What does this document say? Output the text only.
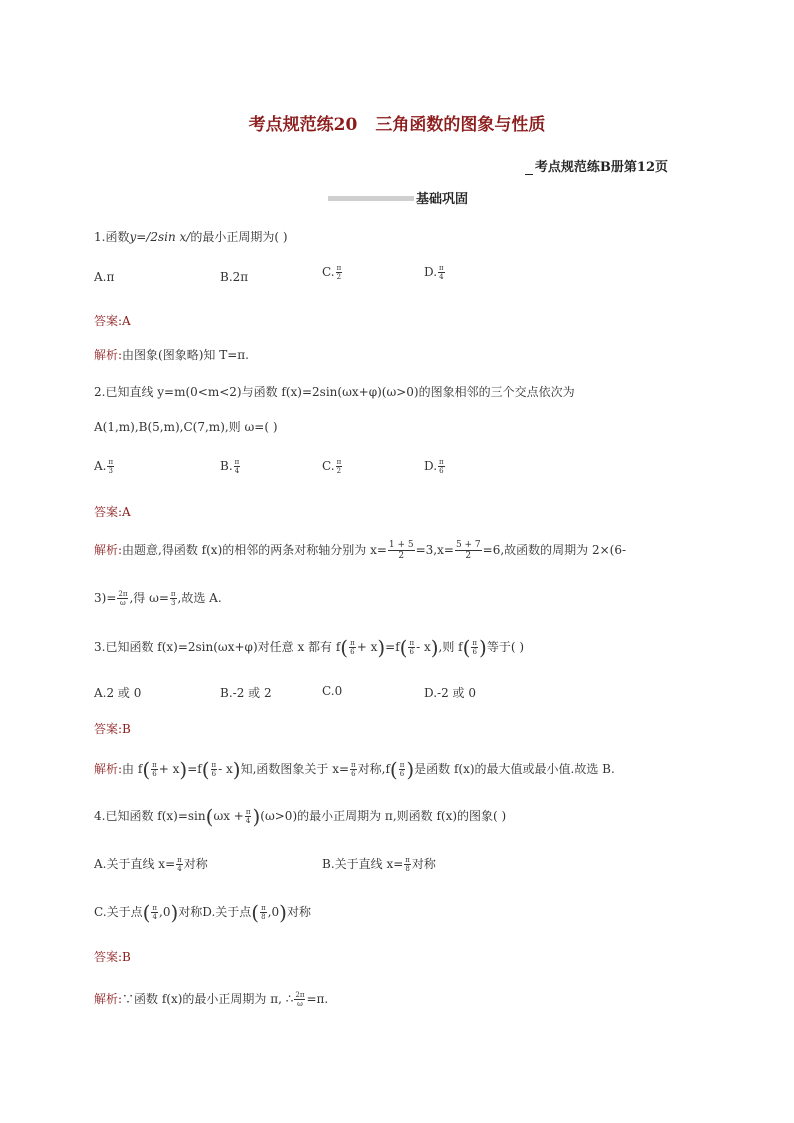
考点规范练20 三角函数的图象与性质
考点规范练B册第12页
基础巩固
1.函数y=/2sin x/的最小正周期为( )
A.π	B.2π	C. $\frac{\pi}{2}$	D. $\frac{\pi}{4}$
答案:A
解析:由图象(图象略)知 T=π.
2.已知直线 y=m(0<m<2)与函数 f(x)=2sin(ωx+φ)(ω>0)的图象相邻的三个交点依次为
A(1,m),B(5,m),C(7,m),则 ω=( )
A. $\frac{\pi}{3}$	B. $\frac{\pi}{4}$	C. $\frac{\pi}{2}$	D. $\frac{\pi}{6}$
答案:A
解析:由题意,得函数 f(x)的相邻的两条对称轴分别为 $x= \frac{1 + 5}{2} =3,x= \frac{5 + 7}{2} =6$,故函数的周期为 2×(6-
$3)= \frac{2\pi}{\omega}$ ,得 $\omega= \frac{\pi}{3}$ ,故选 A.
3.已知函数 f(x)=2sin(ωx+φ)对任意 x 都有 $f( \frac{\pi}{6} + x)=f( \frac{\pi}{6} - x)$,则 $f( \frac{\pi}{6}$ )等于( )
A.2 或 0	B.-2 或 2	C.0	D.-2 或 0
答案:B
解析:由 $f( \frac{\pi}{6} + x)=f( \frac{\pi}{6} - x)$知,函数图象关于 $x= \frac{\pi}{6}$ 对称$,f( \frac{\pi}{6}$ )是函数 f(x)的最大值或最小值.故选 B.
4.已知函数 $f(x)=\sin(\omega x + \frac{\pi}{4} )(\omega>0)$的最小正周期为 π,则函数 f(x)的图象( )
A.关于直线 $x= \frac{\pi}{4}$ 对称	B.关于直线 $x= \frac{\pi}{8}$ 对称
C.关于点( $\frac{\pi}{4} ,0$)对称D.关于点( $\frac{\pi}{8} ,0$)对称
答案:B
解析:∵函数 f(x)的最小正周期为 π, ∴ $\frac{2\pi}{\omega} =\pi$.
